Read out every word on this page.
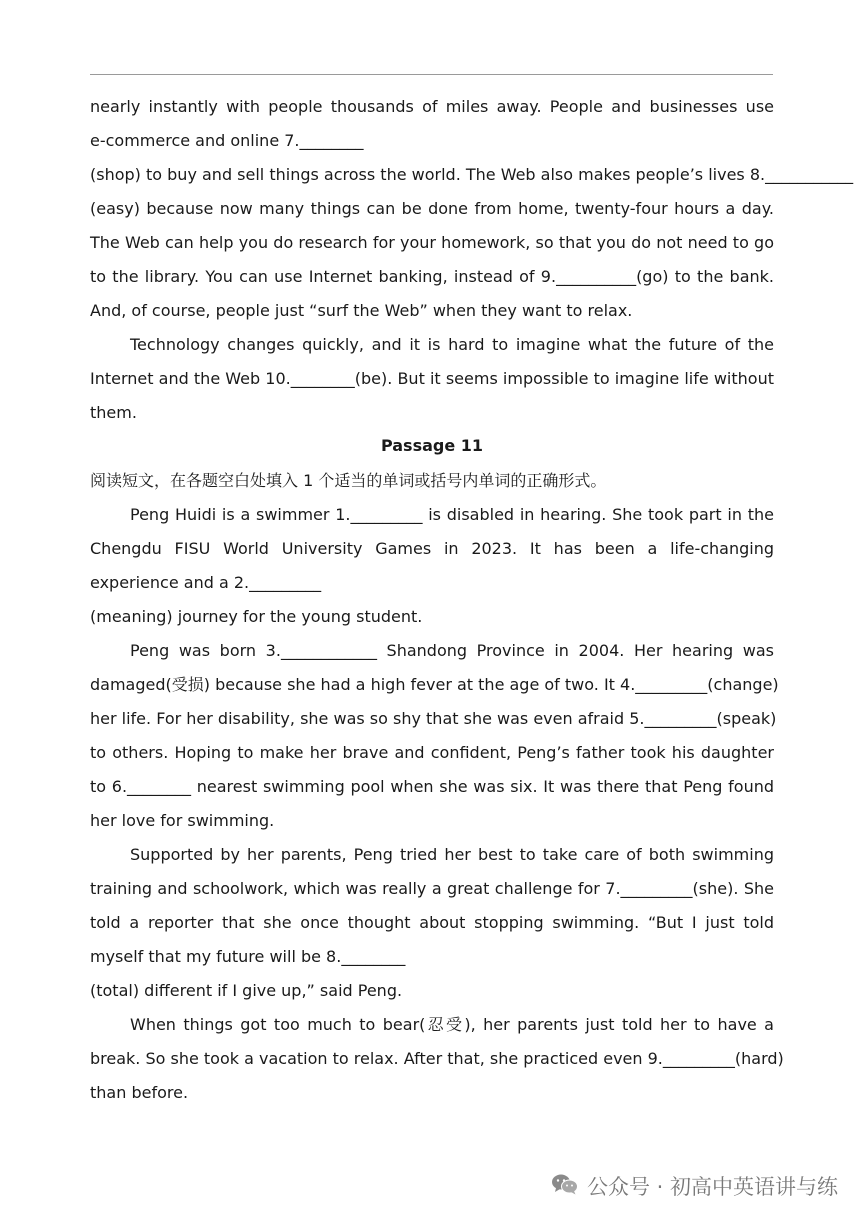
nearly instantly with people thousands of miles away. People and businesses use
e-commerce and online 7.________
(shop) to buy and sell things across the world. The Web also makes people’s lives 8.___________
(easy) because now many things can be done from home, twenty-four hours a day.
The Web can help you do research for your homework, so that you do not need to go
to the library. You can use Internet banking, instead of 9.__________(go) to the bank.
And, of course, people just “surf the Web” when they want to relax.
Technology changes quickly, and it is hard to imagine what the future of the
Internet and the Web 10.________(be). But it seems impossible to imagine life without
them.
Passage 11
阅读短文，在各题空白处填入 1 个适当的单词或括号内单词的正确形式。
Peng Huidi is a swimmer 1._________ is disabled in hearing. She took part in the
Chengdu FISU World University Games in 2023. It has been a life-changing
experience and a 2._________
(meaning) journey for the young student.
Peng was born 3.____________ Shandong Province in 2004. Her hearing was
damaged(受损) because she had a high fever at the age of two. It 4._________(change)
her life. For her disability, she was so shy that she was even afraid 5._________(speak)
to others. Hoping to make her brave and confident, Peng’s father took his daughter
to 6.________ nearest swimming pool when she was six. It was there that Peng found
her love for swimming.
Supported by her parents, Peng tried her best to take care of both swimming
training and schoolwork, which was really a great challenge for 7._________(she). She
told a reporter that she once thought about stopping swimming. “But I just told
myself that my future will be 8.________
(total) different if I give up,” said Peng.
When things got too much to bear(忍受), her parents just told her to have a
break. So she took a vacation to relax. After that, she practiced even 9._________(hard)
than before.
公众号 · 初高中英语讲与练
